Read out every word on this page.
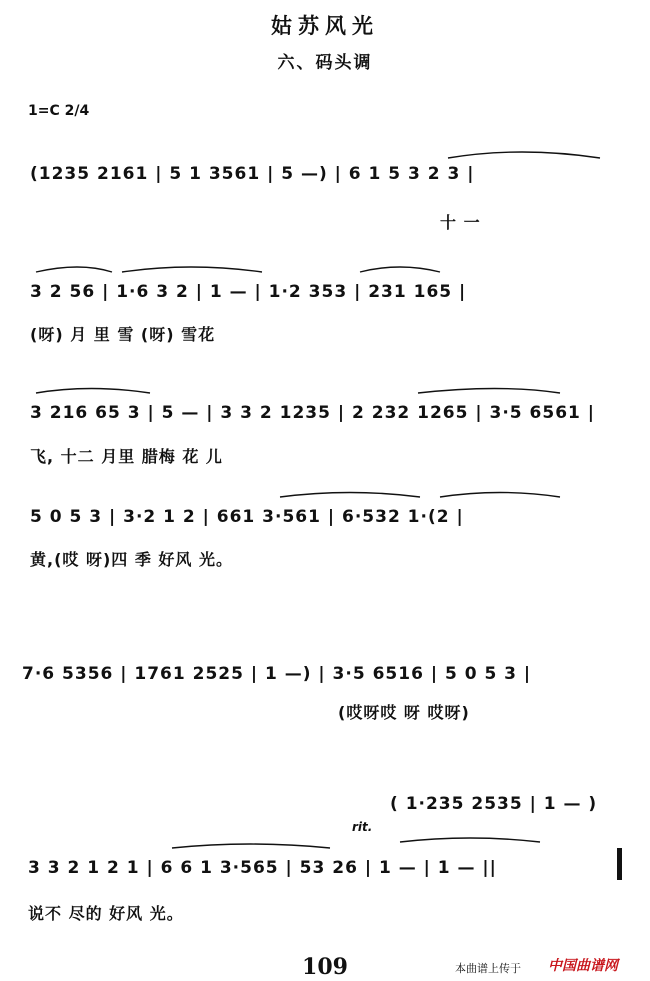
姑苏风光
六、码头调
1=C 2/4
(1235 2161 | 5 1 3561 | 5 —) | 6 1 5 3 2 3 |
十 一
3 2 56 | 1·6 3 2 | 1 — | 1·2 353 | 231 165 |
(呀) 月 里 雪 (呀) 雪花
3 216 65 3 | 5 — | 3 3 2 1235 | 2 232 1265 | 3·5 6561 |
飞, 十二 月里 腊梅 花 儿
5 0 5 3 | 3·2 1 2 | 661 3·561 | 6·532 1·(2 |
黄,(哎 呀)四 季 好风 光。
7·6 5356 | 1761 2525 | 1 —) | 3·5 6516 | 5 0 5 3 |
(哎呀哎 呀 哎呀)
( 1·235 2535 | 1 — )
rit.
3 3 2 1 2 1 | 6 6 1 3·565 | 53 26 | 1 — | 1 — ||
说不 尽的 好风 光。
109	本曲谱上传于 中国曲谱网
